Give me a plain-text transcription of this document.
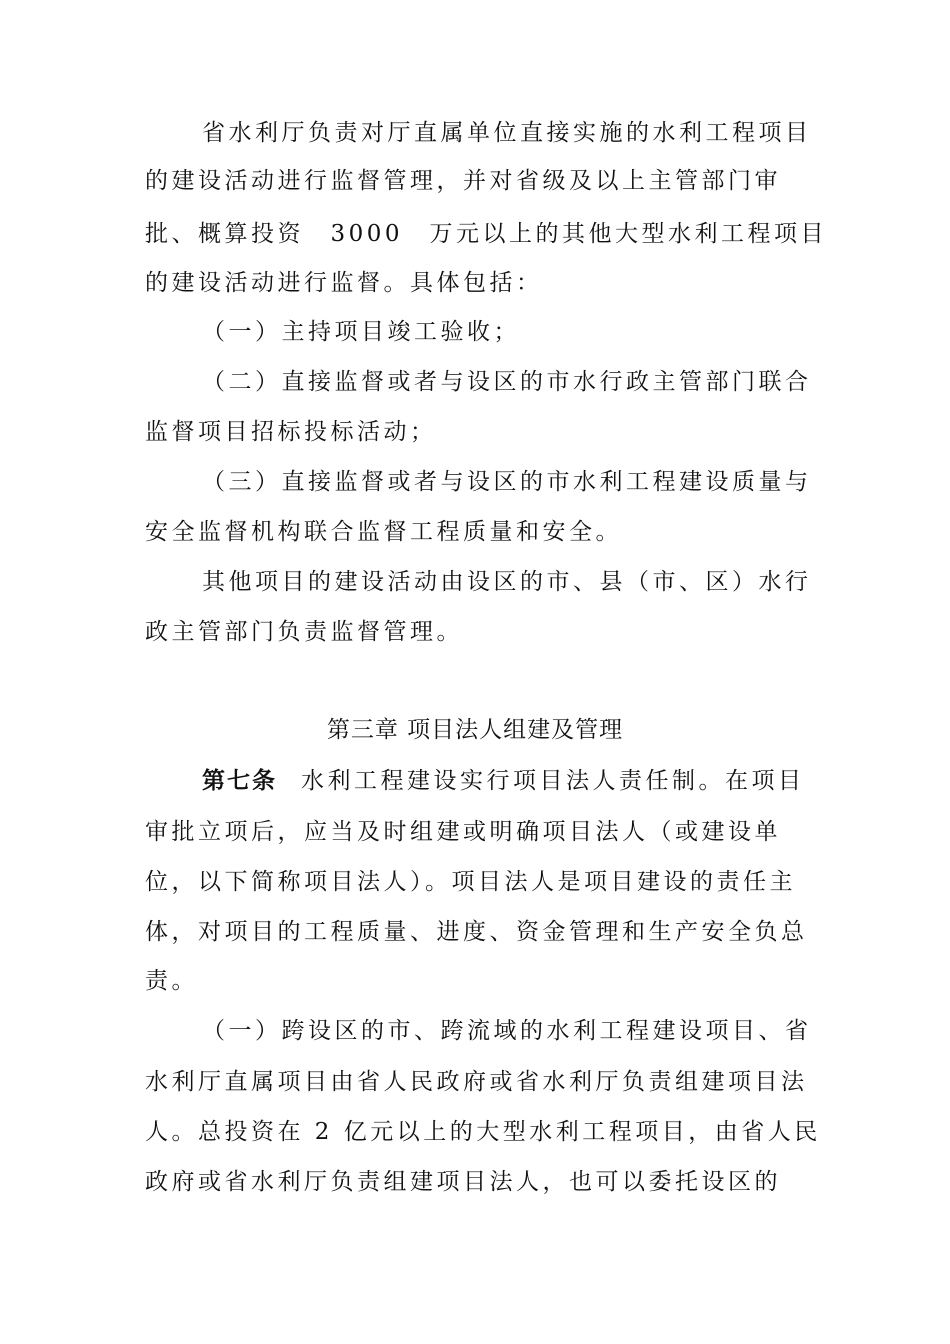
省水利厅负责对厅直属单位直接实施的水利工程项目
的建设活动进行监督管理，并对省级及以上主管部门审
批、概算投资　3000　万元以上的其他大型水利工程项目
的建设活动进行监督。具体包括：
（一）主持项目竣工验收；
（二）直接监督或者与设区的市水行政主管部门联合
监督项目招标投标活动；
（三）直接监督或者与设区的市水利工程建设质量与
安全监督机构联合监督工程质量和安全。
其他项目的建设活动由设区的市、县（市、区）水行
政主管部门负责监督管理。
第三章 项目法人组建及管理
第七条 水利工程建设实行项目法人责任制。在项目
审批立项后，应当及时组建或明确项目法人（或建设单
位，以下简称项目法人）。项目法人是项目建设的责任主
体，对项目的工程质量、进度、资金管理和生产安全负总
责。
（一）跨设区的市、跨流域的水利工程建设项目、省
水利厅直属项目由省人民政府或省水利厅负责组建项目法
人。总投资在 2 亿元以上的大型水利工程项目，由省人民
政府或省水利厅负责组建项目法人，也可以委托设区的
